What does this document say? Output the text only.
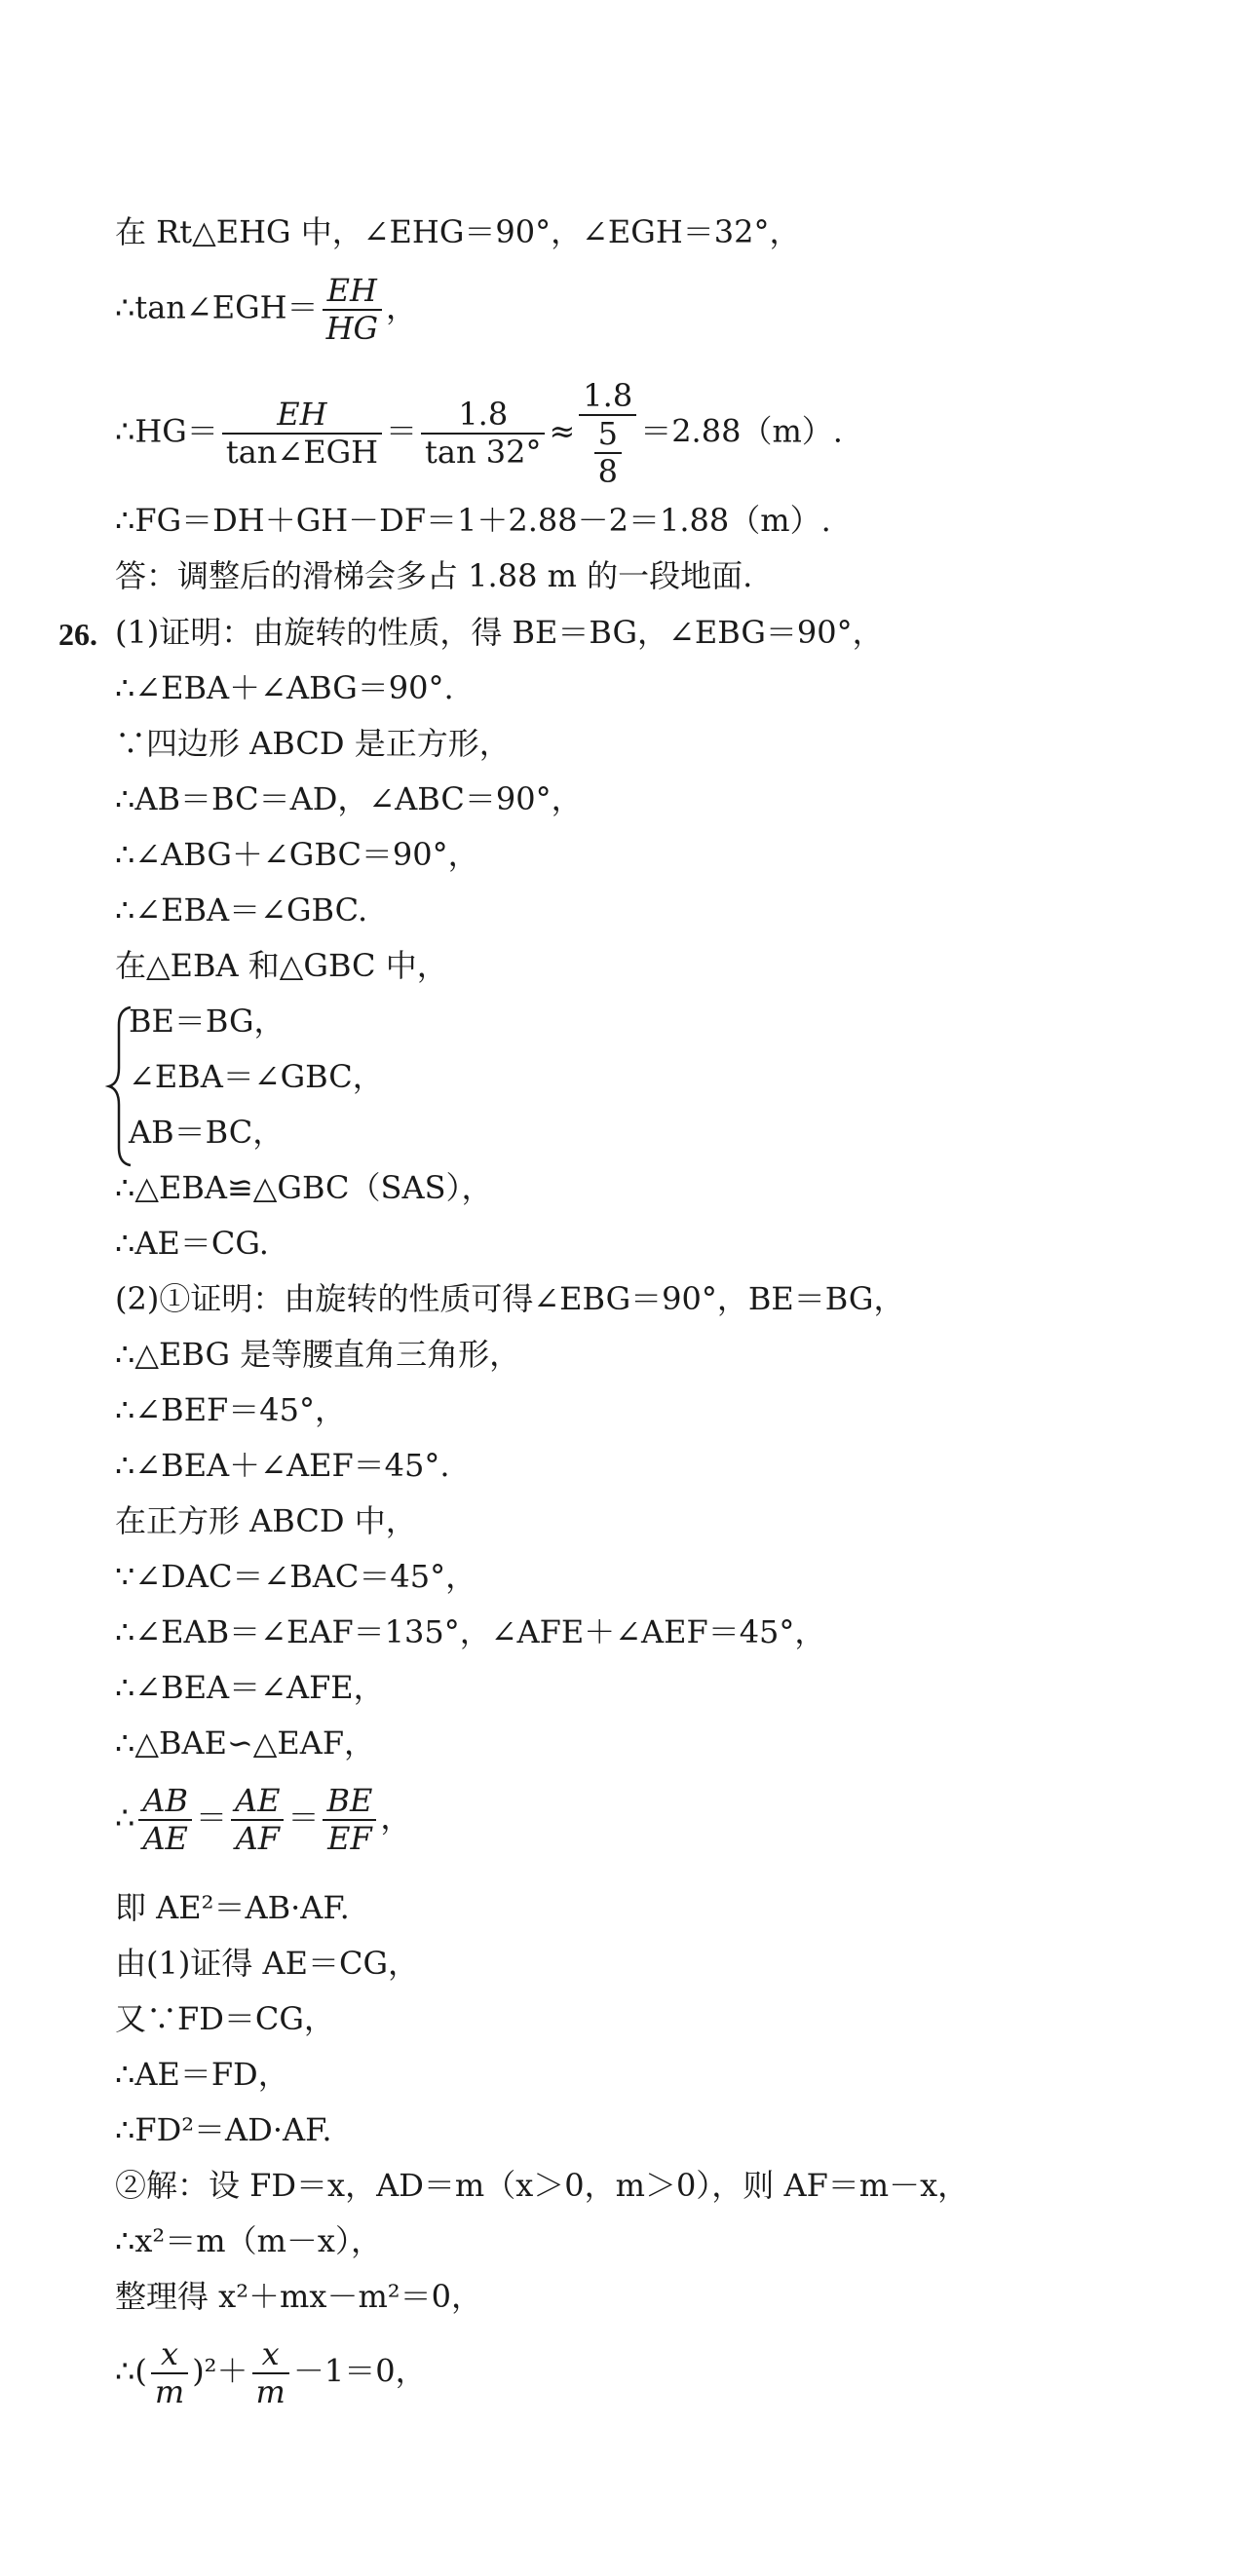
在 Rt△EHG 中，∠EHG＝90°，∠EGH＝32°，
∴tan∠EGH＝ $\frac{EH}{HG}$ ，
∴HG＝ $\frac{EH}{\text{tan∠EGH}} = \frac{1.8}{\tan 32^\circ} \approx \frac{1.8}{\frac{5}{8}} =2.88(m)$.
∴FG＝DH＋GH－DF＝1＋2.88－2＝1.88（m）.
答：调整后的滑梯会多占 1.88 m 的一段地面.
26. (1)证明：由旋转的性质，得 BE＝BG，∠EBG＝90°，
∴∠EBA＋∠ABG＝90°.
∵四边形 ABCD 是正方形，
∴AB＝BC＝AD，∠ABC＝90°，
∴∠ABG＋∠GBC＝90°，
∴∠EBA＝∠GBC.
在△EBA 和△GBC 中，
BE＝BG，
∠EBA＝∠GBC，
AB＝BC，
∴△EBA≌△GBC（SAS），
∴AE＝CG.
(2)①证明：由旋转的性质可得∠EBG＝90°，BE＝BG，
∴△EBG 是等腰直角三角形，
∴∠BEF＝45°，
∴∠BEA＋∠AEF＝45°.
在正方形 ABCD 中，
∵∠DAC＝∠BAC＝45°，
∴∠EAB＝∠EAF＝135°，∠AFE＋∠AEF＝45°，
∴∠BEA＝∠AFE，
∴△BAE∽△EAF，
∴ $\frac{AB}{AE} = \frac{AE}{AF} = \frac{BE}{EF}$ ，
即 AE²＝AB·AF.
由(1)证得 AE＝CG，
又∵FD＝CG，
∴AE＝FD，
∴FD²＝AD·AF.
②解：设 FD＝x，AD＝m（x＞0，m＞0），则 AF＝m－x，
∴x²＝m（m－x），
整理得 x²＋mx－m²＝0，
∴( $\frac{x}{m} )^2+ \frac{x}{m} -1=0$，
